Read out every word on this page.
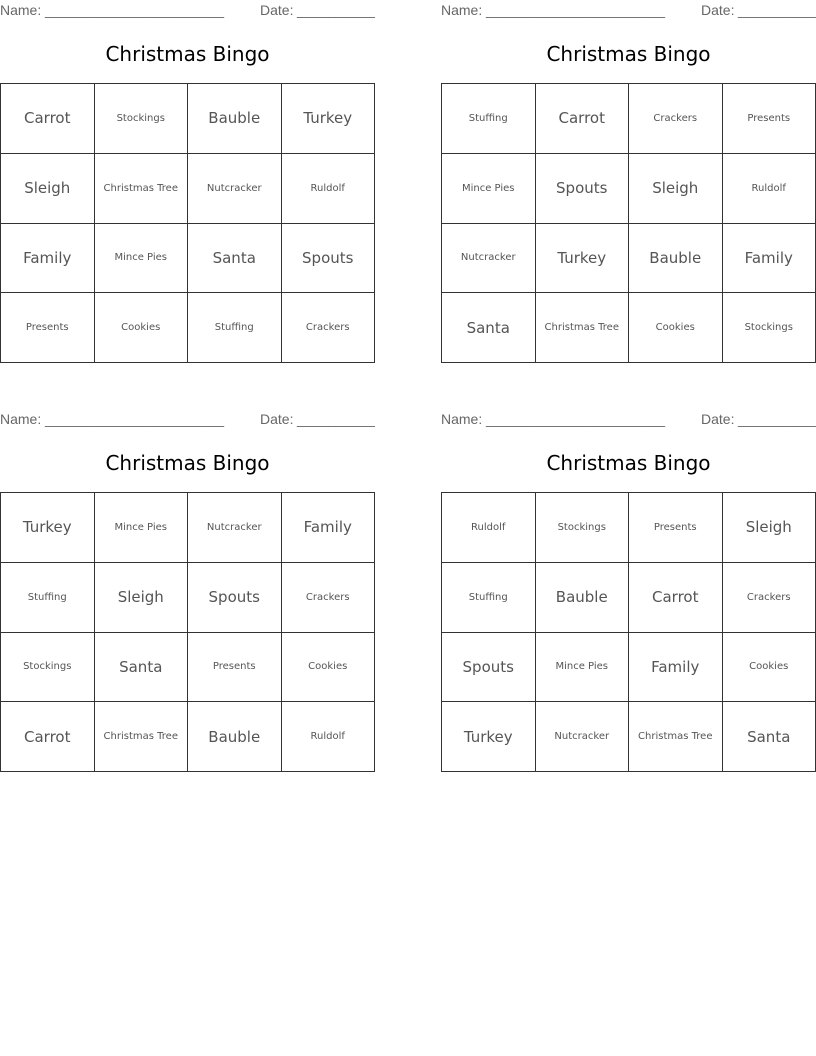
Name: _______________________	Date: __________
Christmas Bingo
Carrot	Stockings	Bauble	Turkey
Sleigh	Christmas Tree	Nutcracker	Ruldolf
Family	Mince Pies	Santa	Spouts
Presents	Cookies	Stuffing	Crackers
Name: _______________________	Date: __________
Christmas Bingo
Stuffing	Carrot	Crackers	Presents
Mince Pies	Spouts	Sleigh	Ruldolf
Nutcracker	Turkey	Bauble	Family
Santa	Christmas Tree	Cookies	Stockings
Name: _______________________	Date: __________
Christmas Bingo
Turkey	Mince Pies	Nutcracker	Family
Stuffing	Sleigh	Spouts	Crackers
Stockings	Santa	Presents	Cookies
Carrot	Christmas Tree	Bauble	Ruldolf
Name: _______________________	Date: __________
Christmas Bingo
Ruldolf	Stockings	Presents	Sleigh
Stuffing	Bauble	Carrot	Crackers
Spouts	Mince Pies	Family	Cookies
Turkey	Nutcracker	Christmas Tree	Santa
